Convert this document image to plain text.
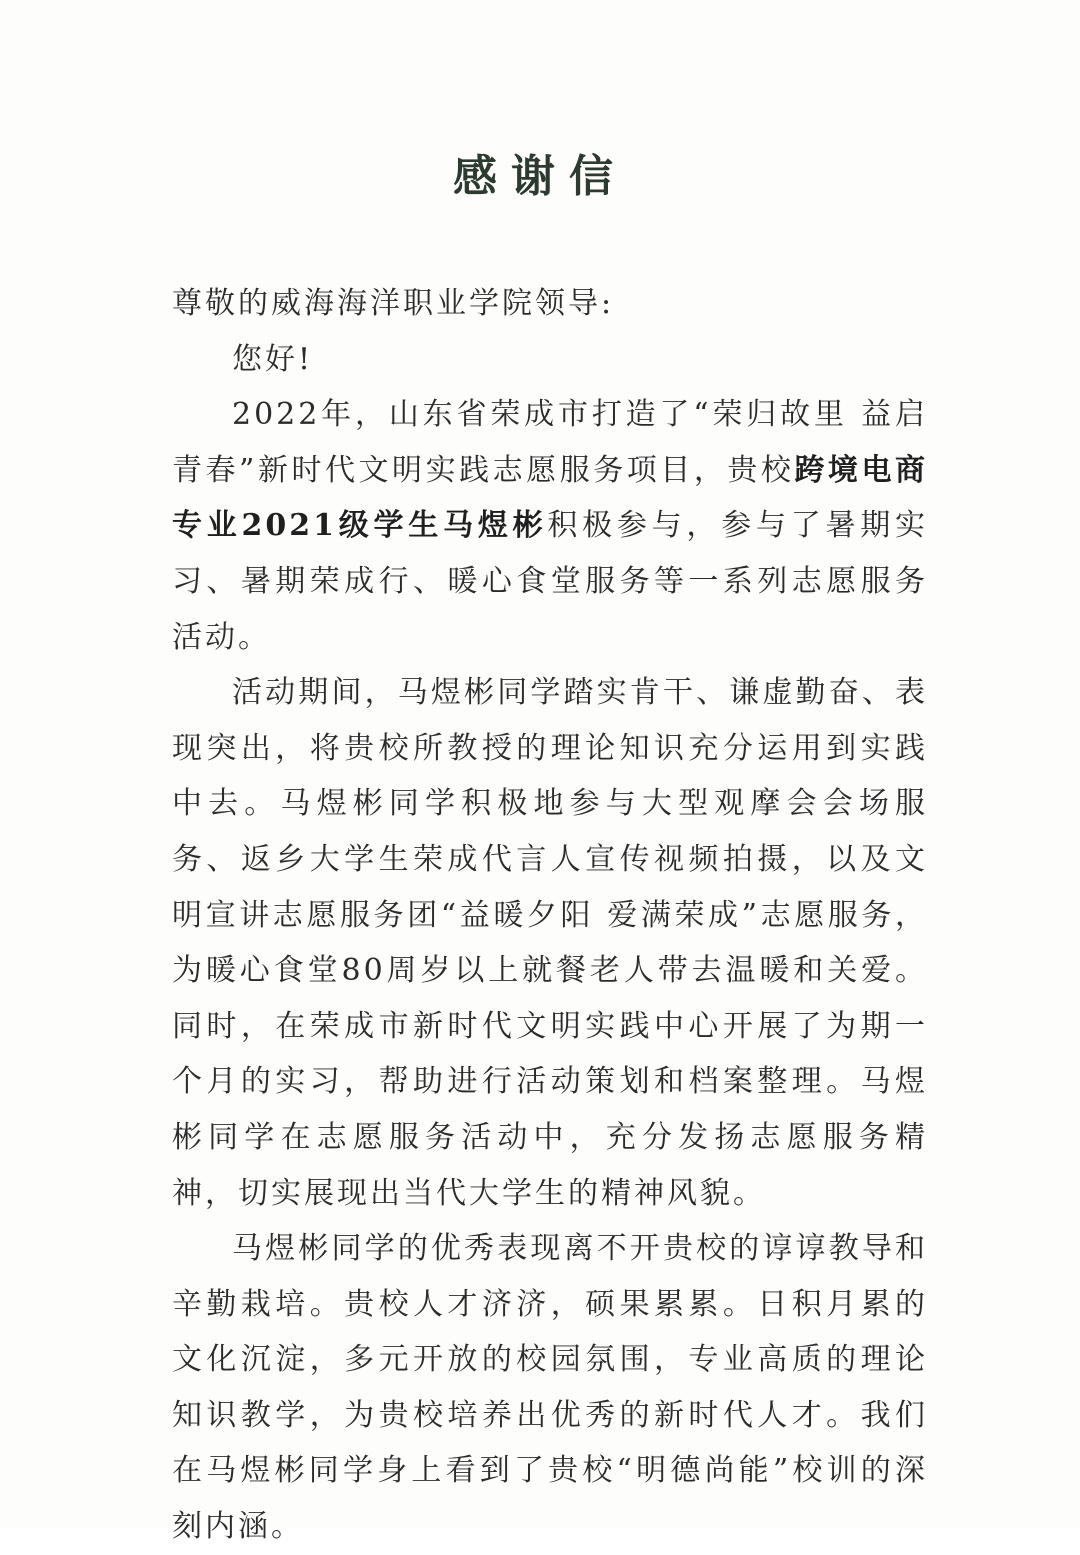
感谢信

尊敬的威海海洋职业学院领导:

您好!

2022年，山东省荣成市打造了“荣归故里 益启青春”新时代文明实践志愿服务项目，贵校跨境电商专业2021级学生马煜彬积极参与，参与了暑期实习、暑期荣成行、暖心食堂服务等一系列志愿服务活动。

活动期间，马煜彬同学踏实肯干、谦虚勤奋、表现突出，将贵校所教授的理论知识充分运用到实践中去。马煜彬同学积极地参与大型观摩会会场服务、返乡大学生荣成代言人宣传视频拍摄，以及文明宣讲志愿服务团“益暖夕阳 爱满荣成”志愿服务，为暖心食堂80周岁以上就餐老人带去温暖和关爱。同时，在荣成市新时代文明实践中心开展了为期一个月的实习，帮助进行活动策划和档案整理。马煜彬同学在志愿服务活动中，充分发扬志愿服务精神，切实展现出当代大学生的精神风貌。

马煜彬同学的优秀表现离不开贵校的谆谆教导和辛勤栽培。贵校人才济济，硕果累累。日积月累的文化沉淀，多元开放的校园氛围，专业高质的理论知识教学，为贵校培养出优秀的新时代人才。我们在马煜彬同学身上看到了贵校“明德尚能”校训的深刻内涵。
